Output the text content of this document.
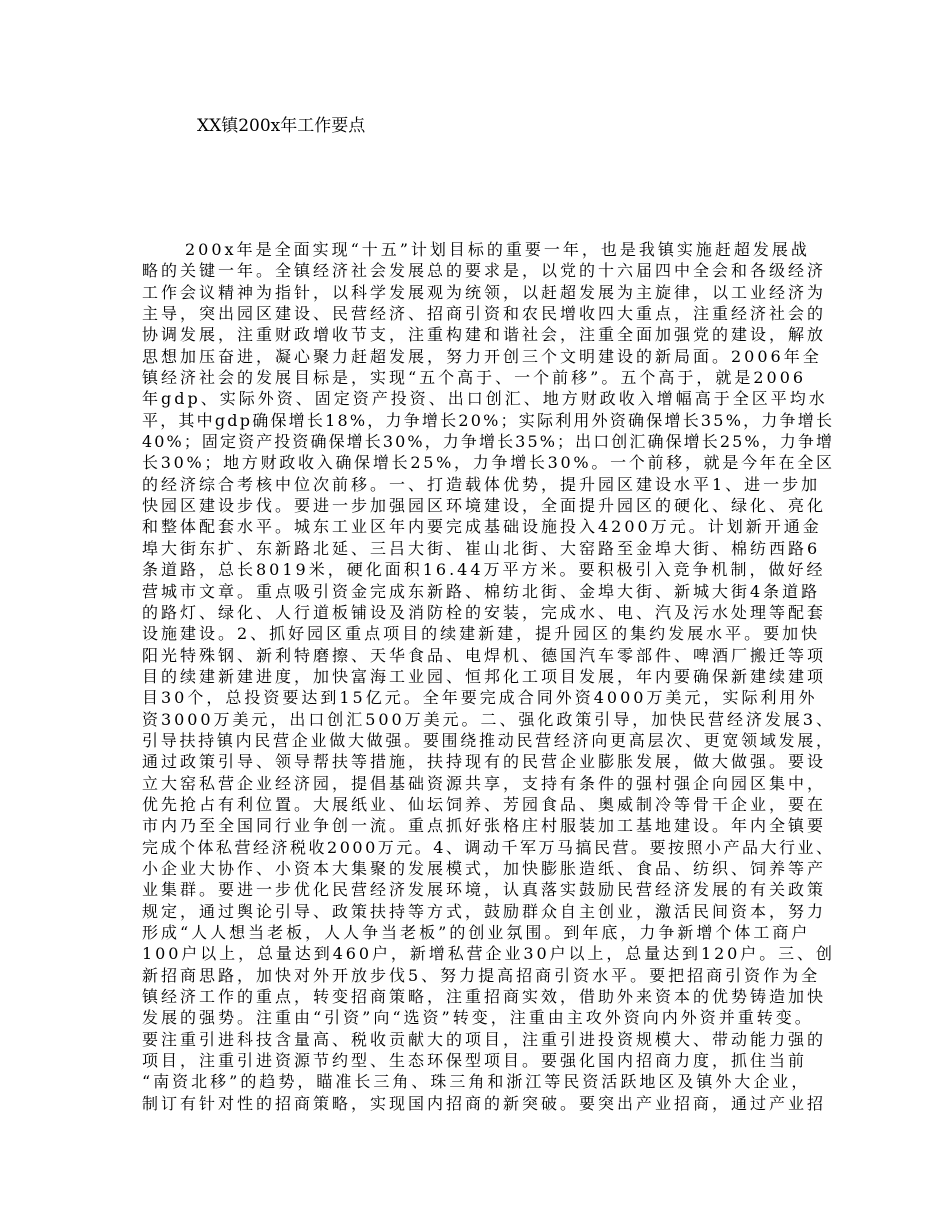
XX镇200x年工作要点
200x年是全面实现“十五”计划目标的重要一年，也是我镇实施赶超发展战
略的关键一年。全镇经济社会发展总的要求是，以党的十六届四中全会和各级经济
工作会议精神为指针，以科学发展观为统领，以赶超发展为主旋律，以工业经济为
主导，突出园区建设、民营经济、招商引资和农民增收四大重点，注重经济社会的
协调发展，注重财政增收节支，注重构建和谐社会，注重全面加强党的建设，解放
思想加压奋进，凝心聚力赶超发展，努力开创三个文明建设的新局面。2006年全
镇经济社会的发展目标是，实现“五个高于、一个前移”。五个高于，就是2006
年gdp、实际外资、固定资产投资、出口创汇、地方财政收入增幅高于全区平均水
平，其中gdp确保增长18%，力争增长20%；实际利用外资确保增长35%，力争增长
40%；固定资产投资确保增长30%，力争增长35%；出口创汇确保增长25%，力争增
长30%；地方财政收入确保增长25%，力争增长30%。一个前移，就是今年在全区
的经济综合考核中位次前移。一、打造载体优势，提升园区建设水平1、进一步加
快园区建设步伐。要进一步加强园区环境建设，全面提升园区的硬化、绿化、亮化
和整体配套水平。城东工业区年内要完成基础设施投入4200万元。计划新开通金
埠大街东扩、东新路北延、三吕大街、崔山北街、大窑路至金埠大街、棉纺西路6
条道路，总长8019米，硬化面积16.44万平方米。要积极引入竞争机制，做好经
营城市文章。重点吸引资金完成东新路、棉纺北街、金埠大街、新城大街4条道路
的路灯、绿化、人行道板铺设及消防栓的安装，完成水、电、汽及污水处理等配套
设施建设。2、抓好园区重点项目的续建新建，提升园区的集约发展水平。要加快
阳光特殊钢、新利特磨擦、天华食品、电焊机、德国汽车零部件、啤酒厂搬迁等项
目的续建新建进度，加快富海工业园、恒邦化工项目发展，年内要确保新建续建项
目30个，总投资要达到15亿元。全年要完成合同外资4000万美元，实际利用外
资3000万美元，出口创汇500万美元。二、强化政策引导，加快民营经济发展3、
引导扶持镇内民营企业做大做强。要围绕推动民营经济向更高层次、更宽领域发展，
通过政策引导、领导帮扶等措施，扶持现有的民营企业膨胀发展，做大做强。要设
立大窑私营企业经济园，提倡基础资源共享，支持有条件的强村强企向园区集中，
优先抢占有利位置。大展纸业、仙坛饲养、芳园食品、奥威制冷等骨干企业，要在
市内乃至全国同行业争创一流。重点抓好张格庄村服装加工基地建设。年内全镇要
完成个体私营经济税收2000万元。4、调动千军万马搞民营。要按照小产品大行业、
小企业大协作、小资本大集聚的发展模式，加快膨胀造纸、食品、纺织、饲养等产
业集群。要进一步优化民营经济发展环境，认真落实鼓励民营经济发展的有关政策
规定，通过舆论引导、政策扶持等方式，鼓励群众自主创业，激活民间资本，努力
形成“人人想当老板，人人争当老板”的创业氛围。到年底，力争新增个体工商户
100户以上，总量达到460户，新增私营企业30户以上，总量达到120户。三、创
新招商思路，加快对外开放步伐5、努力提高招商引资水平。要把招商引资作为全
镇经济工作的重点，转变招商策略，注重招商实效，借助外来资本的优势铸造加快
发展的强势。注重由“引资”向“选资”转变，注重由主攻外资向内外资并重转变。
要注重引进科技含量高、税收贡献大的项目，注重引进投资规模大、带动能力强的
项目，注重引进资源节约型、生态环保型项目。要强化国内招商力度，抓住当前
“南资北移”的趋势，瞄准长三角、珠三角和浙江等民资活跃地区及镇外大企业，
制订有针对性的招商策略，实现国内招商的新突破。要突出产业招商，通过产业招
